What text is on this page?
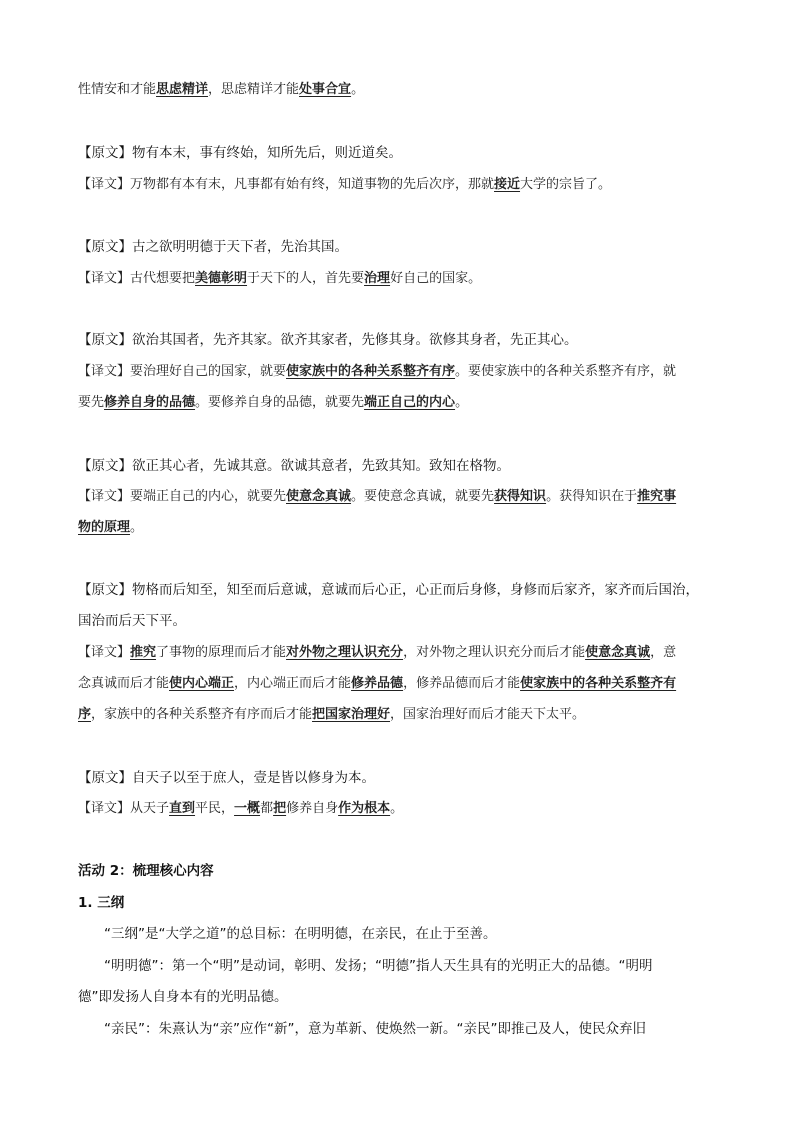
性情安和才能思虑精详，思虑精详才能处事合宜。
【原文】物有本末，事有终始，知所先后，则近道矣。
【译文】万物都有本有末，凡事都有始有终，知道事物的先后次序，那就接近大学的宗旨了。
【原文】古之欲明明德于天下者，先治其国。
【译文】古代想要把美德彰明于天下的人，首先要治理好自己的国家。
【原文】欲治其国者，先齐其家。欲齐其家者，先修其身。欲修其身者，先正其心。
【译文】要治理好自己的国家，就要使家族中的各种关系整齐有序。要使家族中的各种关系整齐有序，就
要先修养自身的品德。要修养自身的品德，就要先端正自己的内心。
【原文】欲正其心者，先诚其意。欲诚其意者，先致其知。致知在格物。
【译文】要端正自己的内心，就要先使意念真诚。要使意念真诚，就要先获得知识。获得知识在于推究事
物的原理。
【原文】物格而后知至，知至而后意诚，意诚而后心正，心正而后身修，身修而后家齐，家齐而后国治，
国治而后天下平。
【译文】推究了事物的原理而后才能对外物之理认识充分，对外物之理认识充分而后才能使意念真诚，意
念真诚而后才能使内心端正，内心端正而后才能修养品德，修养品德而后才能使家族中的各种关系整齐有
序，家族中的各种关系整齐有序而后才能把国家治理好，国家治理好而后才能天下太平。
【原文】自天子以至于庶人，壹是皆以修身为本。
【译文】从天子直到平民，一概都把修养自身作为根本。
活动 2：梳理核心内容
1. 三纲
“三纲”是“大学之道”的总目标：在明明德，在亲民，在止于至善。
“明明德”：第一个“明”是动词，彰明、发扬；“明德”指人天生具有的光明正大的品德。“明明
德”即发扬人自身本有的光明品德。
“亲民”：朱熹认为“亲”应作“新”，意为革新、使焕然一新。“亲民”即推己及人，使民众弃旧
